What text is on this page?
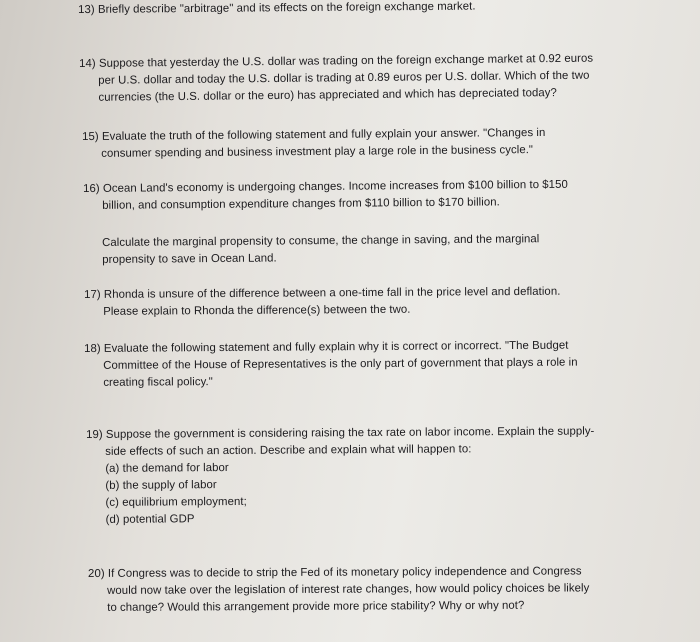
13) Briefly describe "arbitrage" and its effects on the foreign exchange market.

14) Suppose that yesterday the U.S. dollar was trading on the foreign exchange market at 0.92 euros

per U.S. dollar and today the U.S. dollar is trading at 0.89 euros per U.S. dollar. Which of the two

currencies (the U.S. dollar or the euro) has appreciated and which has depreciated today?

15) Evaluate the truth of the following statement and fully explain your answer. "Changes in

consumer spending and business investment play a large role in the business cycle."

16) Ocean Land's economy is undergoing changes. Income increases from $100 billion to $150

billion, and consumption expenditure changes from $110 billion to $170 billion.

Calculate the marginal propensity to consume, the change in saving, and the marginal

propensity to save in Ocean Land.

17) Rhonda is unsure of the difference between a one-time fall in the price level and deflation.

Please explain to Rhonda the difference(s) between the two.

18) Evaluate the following statement and fully explain why it is correct or incorrect. "The Budget

Committee of the House of Representatives is the only part of government that plays a role in

creating fiscal policy."

19) Suppose the government is considering raising the tax rate on labor income. Explain the supply-

side effects of such an action. Describe and explain what will happen to:

(a) the demand for labor

(b) the supply of labor

(c) equilibrium employment;

(d) potential GDP

20) If Congress was to decide to strip the Fed of its monetary policy independence and Congress

would now take over the legislation of interest rate changes, how would policy choices be likely

to change? Would this arrangement provide more price stability? Why or why not?
